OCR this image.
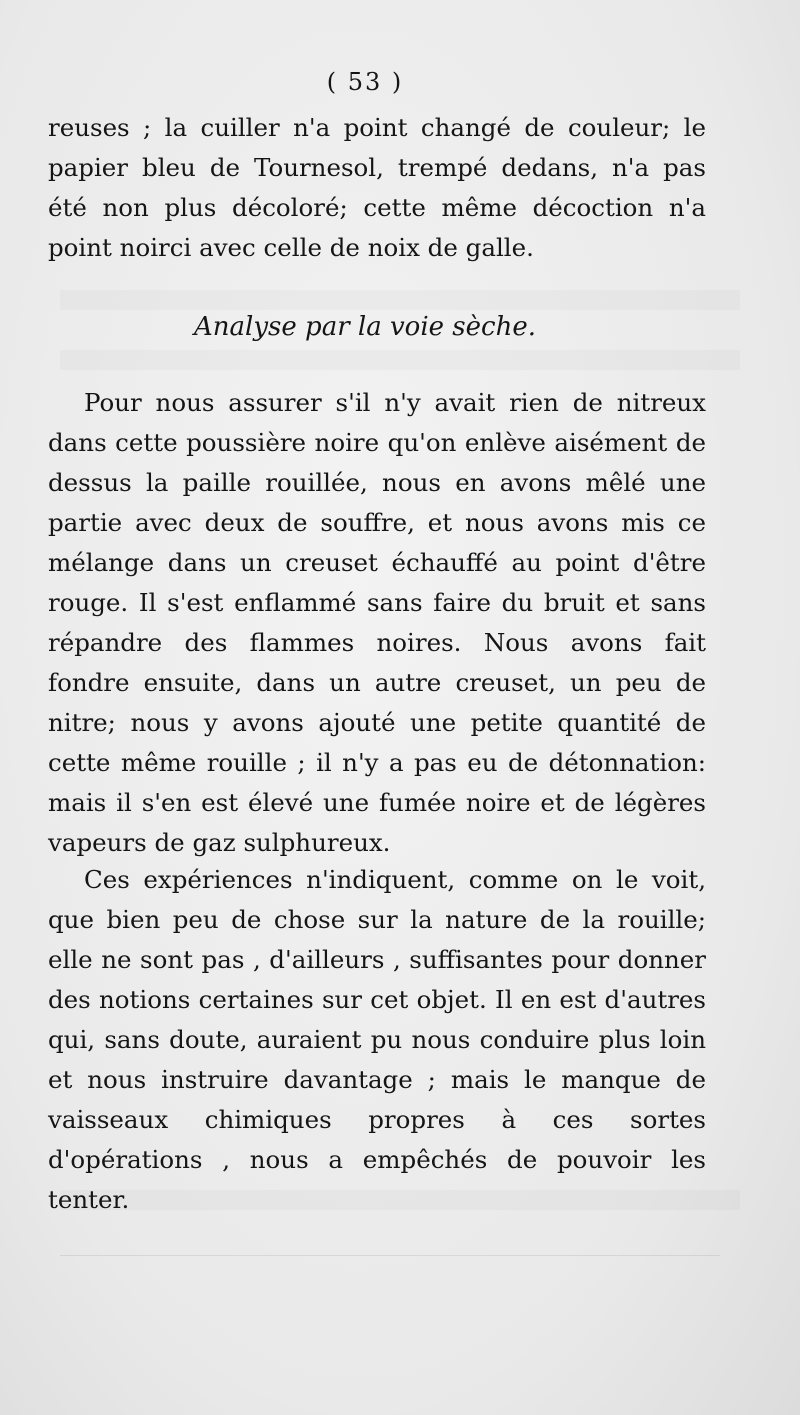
( 53 )

reuses ; la cuiller n'a point changé de couleur; le papier bleu de Tournesol, trempé dedans, n'a pas été non plus décoloré; cette même décoction n'a point noirci avec celle de noix de galle.

Analyse par la voie sèche.

Pour nous assurer s'il n'y avait rien de nitreux dans cette poussière noire qu'on enlève aisément de dessus la paille rouillée, nous en avons mêlé une partie avec deux de souffre, et nous avons mis ce mélange dans un creuset échauffé au point d'être rouge. Il s'est enflammé sans faire du bruit et sans répandre des flammes noires. Nous avons fait fondre ensuite, dans un autre creuset, un peu de nitre; nous y avons ajouté une petite quantité de cette même rouille ; il n'y a pas eu de détonnation: mais il s'en est élevé une fumée noire et de légères vapeurs de gaz sulphureux.

Ces expériences n'indiquent, comme on le voit, que bien peu de chose sur la nature de la rouille; elle ne sont pas , d'ailleurs , suffisantes pour donner des notions certaines sur cet objet. Il en est d'autres qui, sans doute, auraient pu nous conduire plus loin et nous instruire davantage ; mais le manque de vaisseaux chimiques propres à ces sortes d'opérations , nous a empêchés de pouvoir les tenter.
